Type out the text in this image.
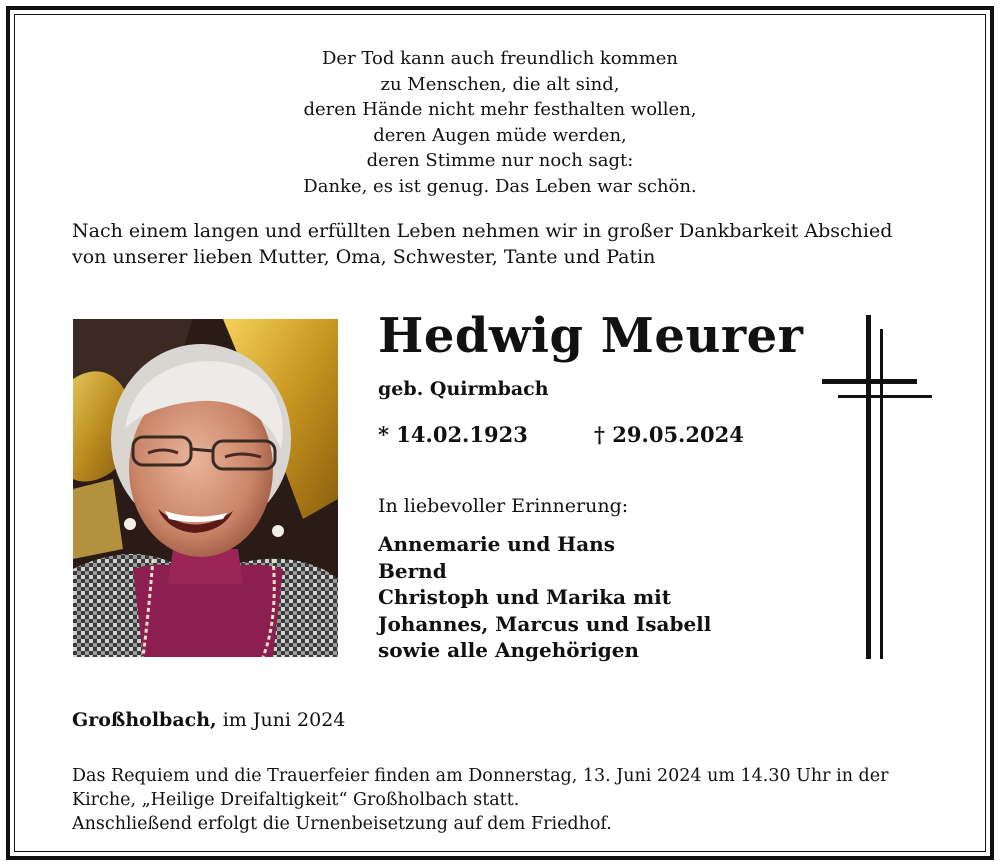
Der Tod kann auch freundlich kommen
zu Menschen, die alt sind,
deren Hände nicht mehr festhalten wollen,
deren Augen müde werden,
deren Stimme nur noch sagt:
Danke, es ist genug. Das Leben war schön.
Nach einem langen und erfüllten Leben nehmen wir in großer Dankbarkeit Abschied
von unserer lieben Mutter, Oma, Schwester, Tante und Patin
Hedwig Meurer
geb. Quirmbach
* 14.02.1923	† 29.05.2024
In liebevoller Erinnerung:
Annemarie und Hans
Bernd
Christoph und Marika mit
Johannes, Marcus und Isabell
sowie alle Angehörigen
Großholbach, im Juni 2024
Das Requiem und die Trauerfeier finden am Donnerstag, 13. Juni 2024 um 14.30 Uhr in der
Kirche, „Heilige Dreifaltigkeit“ Großholbach statt.
Anschließend erfolgt die Urnenbeisetzung auf dem Friedhof.
